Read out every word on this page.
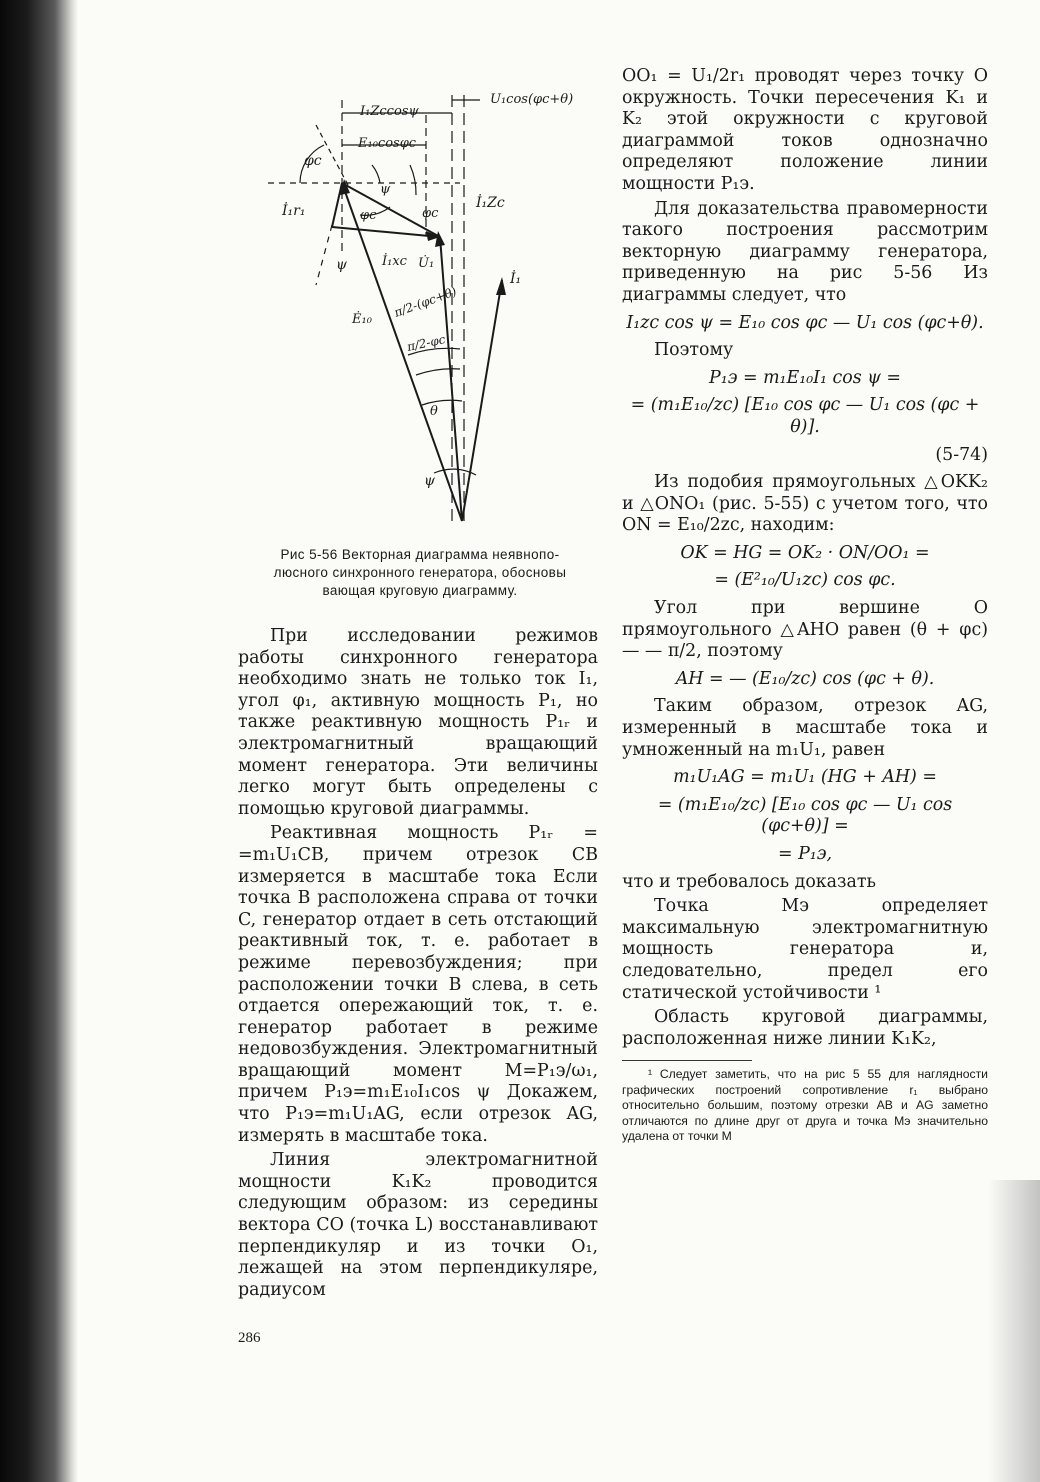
U₁cos(φc+θ)
I₁Zccosψ
E₁₀cosφc
φc
İ₁r₁
ψ
φc	φc
İ₁Zc
ψ	İ₁xc U̇₁
İ₁
Ė₁₀ π/2-(φc+θ)
π/2-φc
θ
ψ
Рис 5-56 Векторная диаграмма неявнопо-
люсного синхронного генератора, обосновы
вающая круговую диаграмму.

При исследовании режимов работы синхронного генератора необходимо знать не только ток I₁, угол φ₁, активную мощность P₁, но также реактивную мощность P₁ᵣ и электромагнитный вращающий момент генератора. Эти величины легко могут быть определены с помощью круговой диаграммы.

Реактивная мощность P₁ᵣ = =m₁U₁CB, причем отрезок CB измеряется в масштабе тока Если точка B расположена справа от точки C, генератор отдает в сеть отстающий реактивный ток, т. е. работает в режиме перевозбуждения; при расположении точки B слева, в сеть отдается опережающий ток, т. е. генератор работает в режиме недовозбуждения. Электромагнитный вращающий момент M=P₁э/ω₁, причем P₁э=m₁E₁₀I₁cos ψ Докажем, что P₁э=m₁U₁AG, если отрезок AG, измерять в масштабе тока.

Линия электромагнитной мощности K₁K₂ проводится следующим образом: из середины вектора CO (точка L) восстанавливают перпендикуляр и из точки O₁, лежащей на этом перпендикуляре, радиусом

OO₁ = U₁/2r₁ проводят через точку O окружность. Точки пересечения K₁ и K₂ этой окружности с круговой диаграммой токов однозначно определяют положение линии мощности P₁э.

Для доказательства правомерности такого построения рассмотрим векторную диаграмму генератора, приведенную на рис 5-56 Из диаграммы следует, что

I₁zc cos ψ = E₁₀ cos φc — U₁ cos (φc+θ).

Поэтому

P₁э = m₁E₁₀I₁ cos ψ =
= (m₁E₁₀/zc) [E₁₀ cos φc — U₁ cos (φc + θ)].
(5-74)

Из подобия прямоугольных △OKK₂ и △ONO₁ (рис. 5-55) с учетом того, что ON = E₁₀/2zc, находим:

OK = HG = OK₂ · ON/OO₁ =
= (E²₁₀/U₁zc) cos φc.

Угол при вершине O прямоугольного △AHO равен (θ + φc) — — π/2, поэтому

AH = — (E₁₀/zc) cos (φc + θ).

Таким образом, отрезок AG, измеренный в масштабе тока и умноженный на m₁U₁, равен

m₁U₁AG = m₁U₁ (HG + AH) =
= (m₁E₁₀/zc) [E₁₀ cos φc — U₁ cos (φc+θ)] =
= P₁э,

что и требовалось доказать

Точка Mэ определяет максимальную электромагнитную мощность генератора и, следовательно, предел его статической устойчивости ¹

Область круговой диаграммы, расположенная ниже линии K₁K₂,

¹ Следует заметить, что на рис 5 55 для наглядности графических построений сопротивление r₁ выбрано относительно большим, поэтому отрезки AB и AG заметно отличаются по длине друг от друга и точка Mэ значительно удалена от точки M

286
